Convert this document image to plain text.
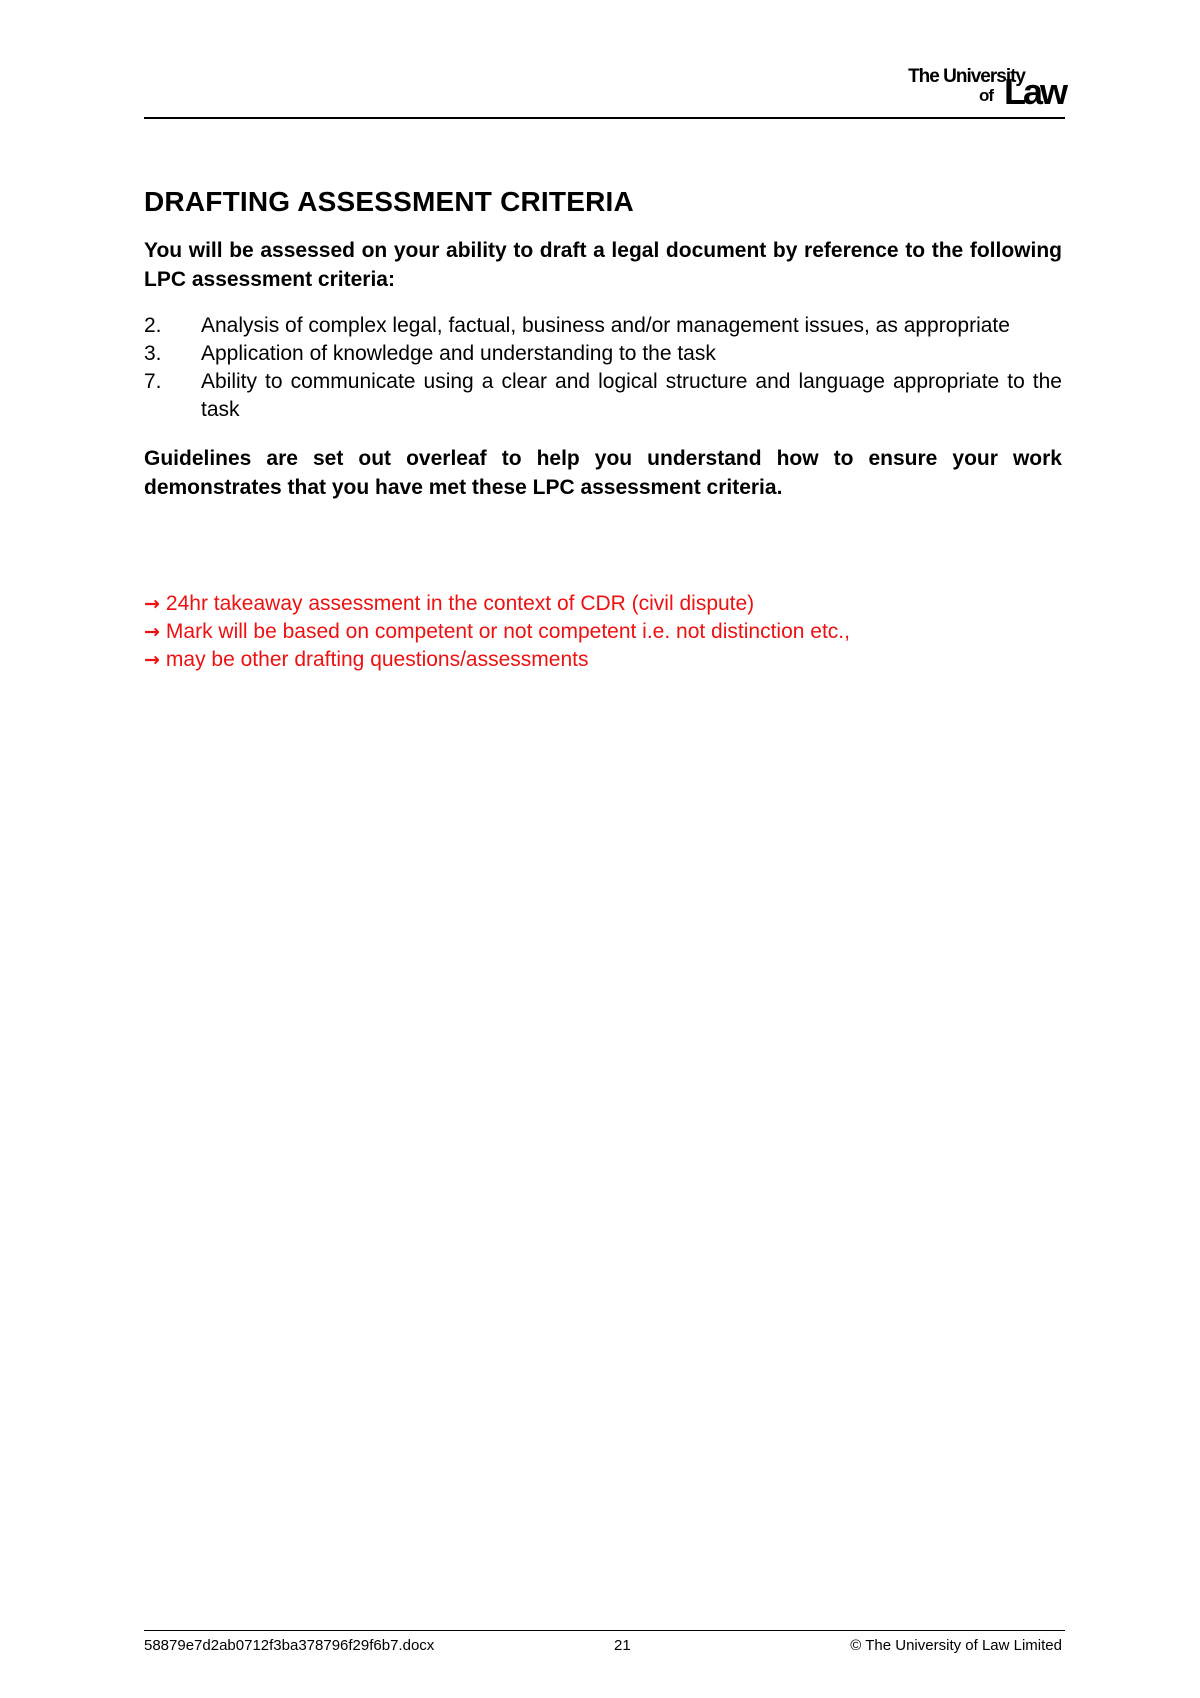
The University
of Law
DRAFTING ASSESSMENT CRITERIA

You will be assessed on your ability to draft a legal document by reference to the following LPC assessment criteria:

2.	Analysis of complex legal, factual, business and/or management issues, as appropriate
3.	Application of knowledge and understanding to the task
7.	Ability to communicate using a clear and logical structure and language appropriate to the task

Guidelines are set out overleaf to help you understand how to ensure your work demonstrates that you have met these LPC assessment criteria.

→ 24hr takeaway assessment in the context of CDR (civil dispute)
→ Mark will be based on competent or not competent i.e. not distinction etc.,
→ may be other drafting questions/assessments
58879e7d2ab0712f3ba378796f29f6b7.docx	21	© The University of Law Limited
